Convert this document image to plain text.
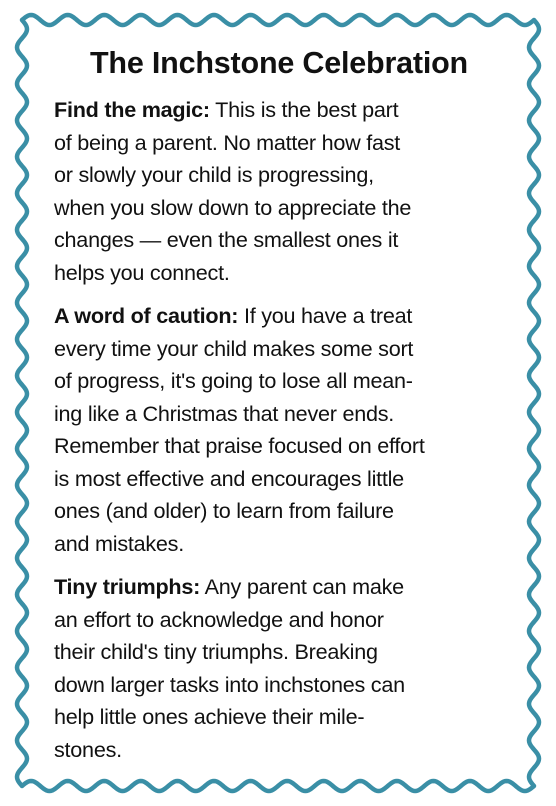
The Inchstone Celebration
Find the magic: This is the best part
of being a parent. No matter how fast
or slowly your child is progressing,
when you slow down to appreciate the
changes — even the smallest ones it
helps you connect.
A word of caution: If you have a treat
every time your child makes some sort
of progress, it's going to lose all mean-
ing like a Christmas that never ends.
Remember that praise focused on effort
is most effective and encourages little
ones (and older) to learn from failure
and mistakes.
Tiny triumphs: Any parent can make
an effort to acknowledge and honor
their child's tiny triumphs. Breaking
down larger tasks into inchstones can
help little ones achieve their mile-
stones.
